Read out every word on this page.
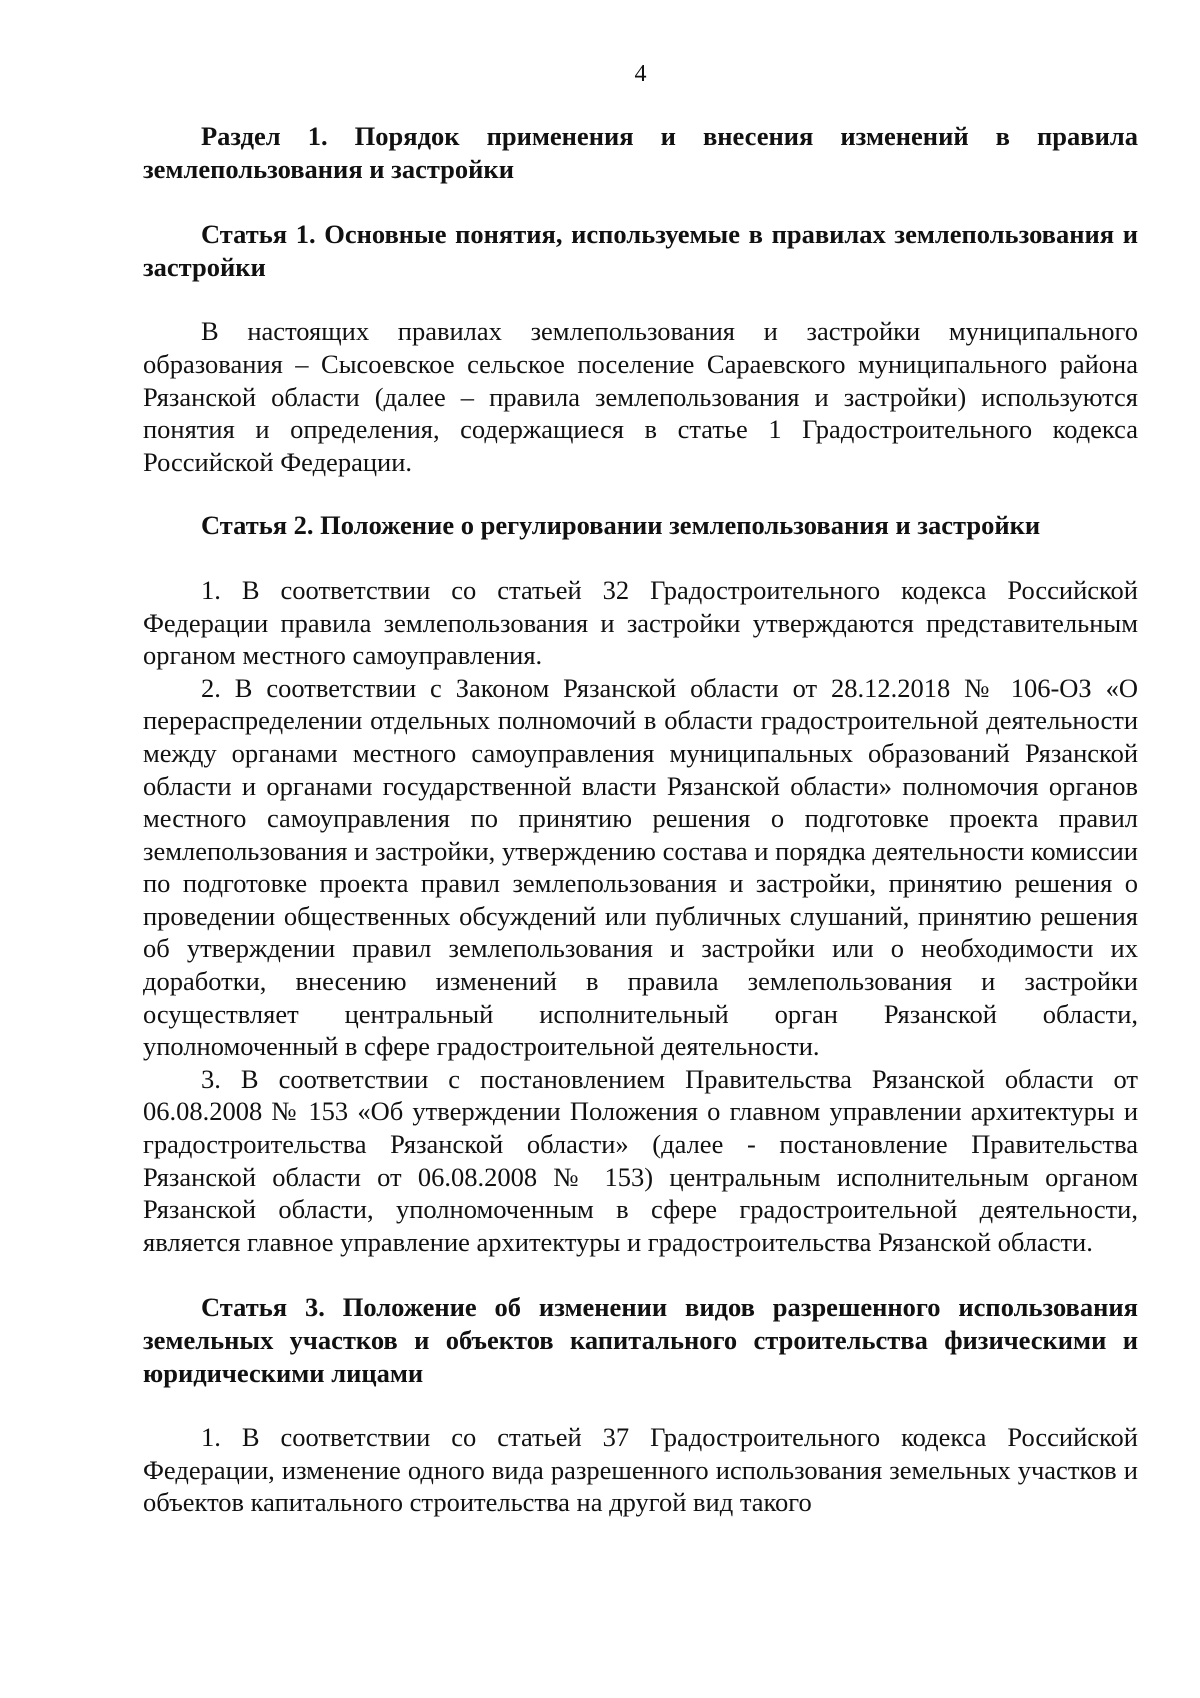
4

Раздел 1. Порядок применения и внесения изменений в правила землепользования и застройки

Статья 1. Основные понятия, используемые в правилах землепользования и застройки

В настоящих правилах землепользования и застройки муниципального образования – Сысоевское сельское поселение Сараевского муниципального района Рязанской области (далее – правила землепользования и застройки) используются понятия и определения, содержащиеся в статье 1 Градостроительного кодекса Российской Федерации.

Статья 2. Положение о регулировании землепользования и застройки

1. В соответствии со статьей 32 Градостроительного кодекса Российской Федерации правила землепользования и застройки утверждаются представительным органом местного самоуправления.

2. В соответствии с Законом Рязанской области от 28.12.2018 № 106-ОЗ «О перераспределении отдельных полномочий в области градостроительной деятельности между органами местного самоуправления муниципальных образований Рязанской области и органами государственной власти Рязанской области» полномочия органов местного самоуправления по принятию решения о подготовке проекта правил землепользования и застройки, утверждению состава и порядка деятельности комиссии по подготовке проекта правил землепользования и застройки, принятию решения о проведении общественных обсуждений или публичных слушаний, принятию решения об утверждении правил землепользования и застройки или о необходимости их доработки, внесению изменений в правила землепользования и застройки осуществляет центральный исполнительный орган Рязанской области, уполномоченный в сфере градостроительной деятельности.

3. В соответствии с постановлением Правительства Рязанской области от 06.08.2008 № 153 «Об утверждении Положения о главном управлении архитектуры и градостроительства Рязанской области» (далее - постановление Правительства Рязанской области от 06.08.2008 № 153) центральным исполнительным органом Рязанской области, уполномоченным в сфере градостроительной деятельности, является главное управление архитектуры и градостроительства Рязанской области.

Статья 3. Положение об изменении видов разрешенного использования земельных участков и объектов капитального строительства физическими и юридическими лицами

1. В соответствии со статьей 37 Градостроительного кодекса Российской Федерации, изменение одного вида разрешенного использования земельных участков и объектов капитального строительства на другой вид такого
